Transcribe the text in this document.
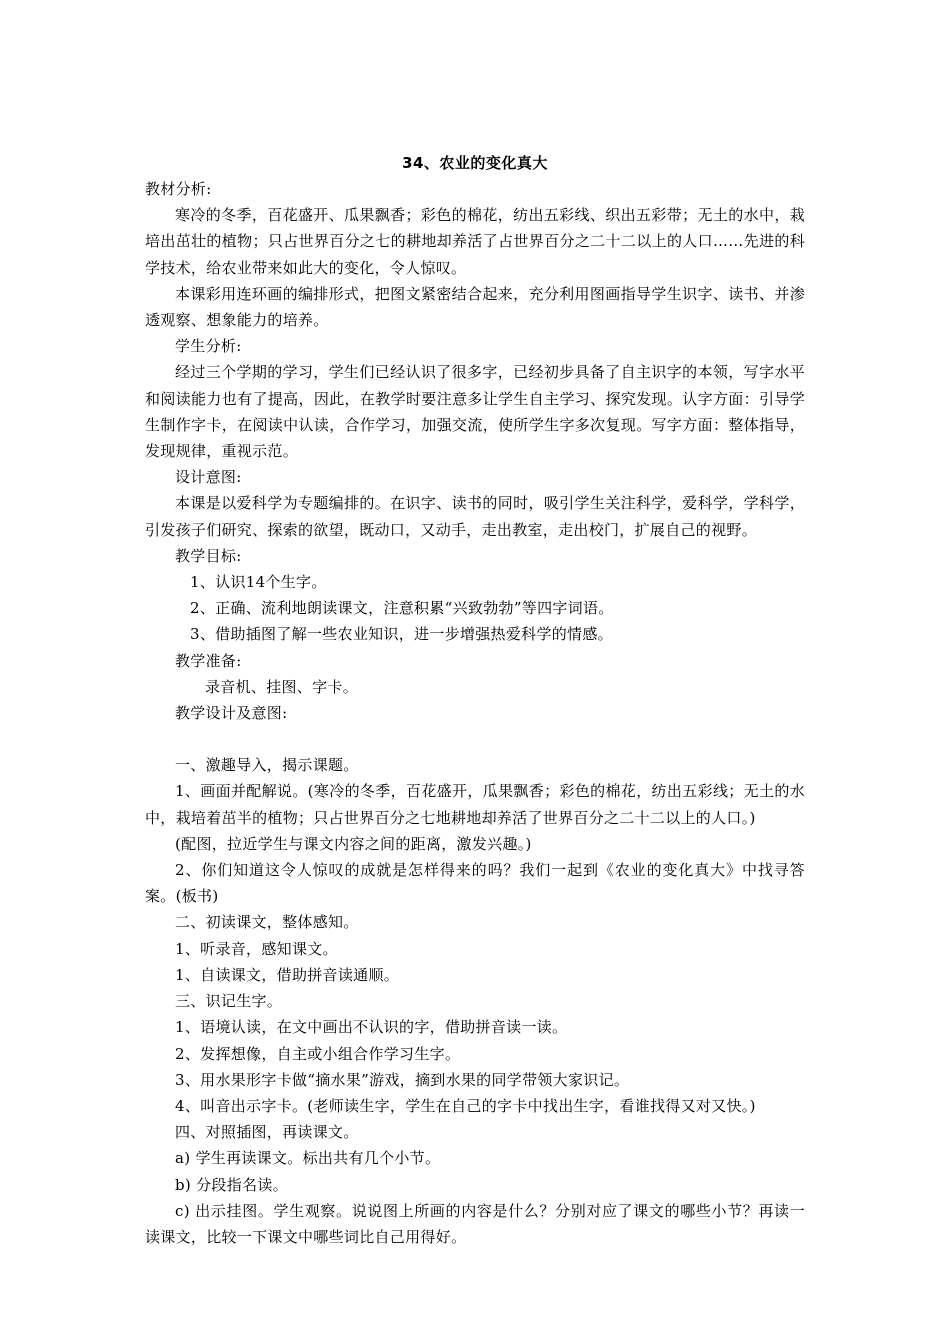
34、农业的变化真大

教材分析:

寒冷的冬季，百花盛开、瓜果飘香；彩色的棉花，纺出五彩线、织出五彩带；无土的水中，栽培出茁壮的植物；只占世界百分之七的耕地却养活了占世界百分之二十二以上的人口……先进的科学技术，给农业带来如此大的变化，令人惊叹。

本课彩用连环画的编排形式，把图文紧密结合起来，充分利用图画指导学生识字、读书、并渗透观察、想象能力的培养。

学生分析:

经过三个学期的学习，学生们已经认识了很多字，已经初步具备了自主识字的本领，写字水平和阅读能力也有了提高，因此，在教学时要注意多让学生自主学习、探究发现。认字方面：引导学生制作字卡，在阅读中认读，合作学习，加强交流，使所学生字多次复现。写字方面：整体指导，发现规律，重视示范。

设计意图:

本课是以爱科学为专题编排的。在识字、读书的同时，吸引学生关注科学，爱科学，学科学，引发孩子们研究、探索的欲望，既动口，又动手，走出教室，走出校门，扩展自己的视野。

教学目标:

1、认识14个生字。

2、正确、流利地朗读课文，注意积累“兴致勃勃”等四字词语。

3、借助插图了解一些农业知识，进一步增强热爱科学的情感。

教学准备:

录音机、挂图、字卡。

教学设计及意图:

一、激趣导入，揭示课题。

1、画面并配解说。(寒冷的冬季，百花盛开，瓜果飘香；彩色的棉花，纺出五彩线；无土的水中，栽培着茁半的植物；只占世界百分之七地耕地却养活了世界百分之二十二以上的人口。)

(配图，拉近学生与课文内容之间的距离，激发兴趣。)

2、你们知道这令人惊叹的成就是怎样得来的吗？我们一起到《农业的变化真大》中找寻答案。(板书)

二、初读课文，整体感知。

1、听录音，感知课文。

1、自读课文，借助拼音读通顺。

三、识记生字。

1、语境认读，在文中画出不认识的字，借助拼音读一读。

2、发挥想像，自主或小组合作学习生字。

3、用水果形字卡做“摘水果”游戏，摘到水果的同学带领大家识记。

4、叫音出示字卡。(老师读生字，学生在自己的字卡中找出生字，看谁找得又对又快。)

四、对照插图，再读课文。

a) 学生再读课文。标出共有几个小节。

b) 分段指名读。

c) 出示挂图。学生观察。说说图上所画的内容是什么？分别对应了课文的哪些小节？再读一读课文，比较一下课文中哪些词比自己用得好。
